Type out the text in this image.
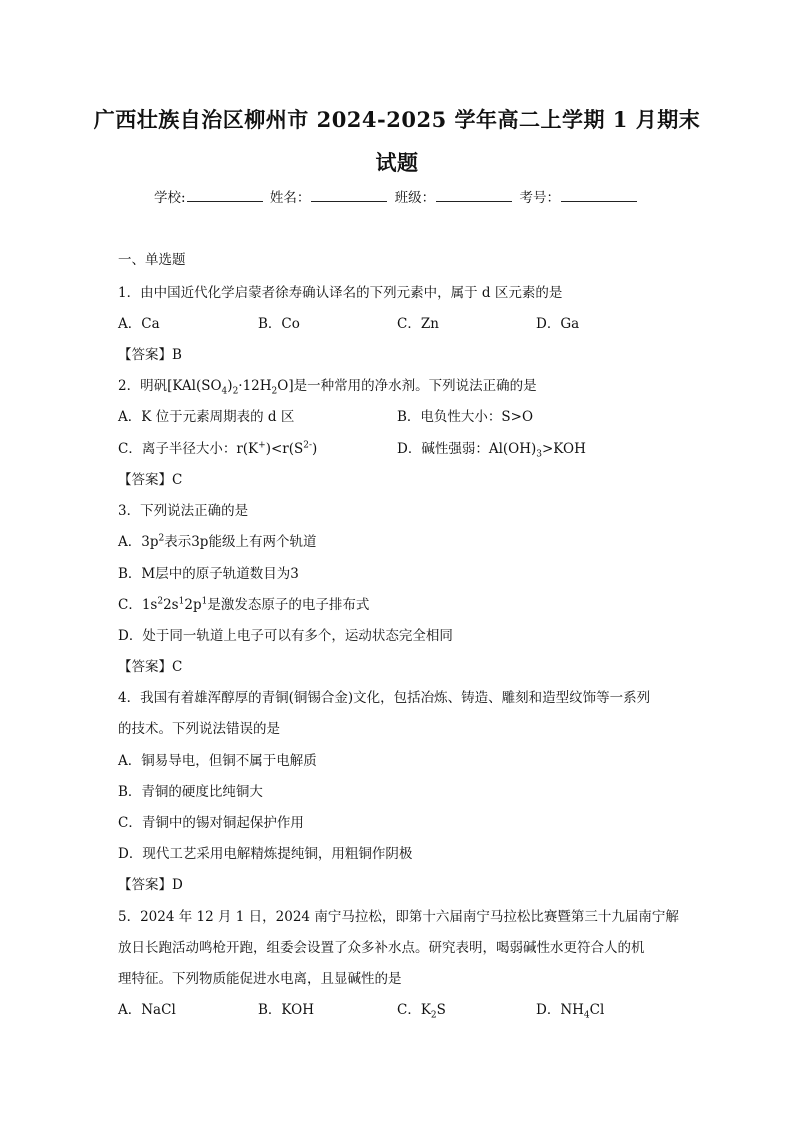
广西壮族自治区柳州市 2024-2025 学年高二上学期 1 月期末
试题
学校:	姓名：	班级：	考号：
一、单选题
1．由中国近代化学启蒙者徐寿确认译名的下列元素中，属于 d 区元素的是
A．Ca	B．Co	C．Zn	D．Ga
【答案】B
2．明矾$[KAl(SO_4)_2\cdot 12H_2O]$是一种常用的净水剂。下列说法正确的是
A．K 位于元素周期表的 d 区	B．电负性大小：S>O
C．离子半径大小：$r(K^+)<r(S^{2-})$	D．碱性强弱：$Al(OH)_3>KOH$
【答案】C
3．下列说法正确的是
A．$3p^2$表示3p能级上有两个轨道
B．M层中的原子轨道数目为3
C．$1s^22s^12p^1$是激发态原子的电子排布式
D．处于同一轨道上电子可以有多个，运动状态完全相同
【答案】C
4．我国有着雄浑醇厚的青铜(铜锡合金)文化，包括冶炼、铸造、雕刻和造型纹饰等一系列
的技术。下列说法错误的是
A．铜易导电，但铜不属于电解质
B．青铜的硬度比纯铜大
C．青铜中的锡对铜起保护作用
D．现代工艺采用电解精炼提纯铜，用粗铜作阴极
【答案】D
5．2024 年 12 月 1 日，2024 南宁马拉松，即第十六届南宁马拉松比赛暨第三十九届南宁解
放日长跑活动鸣枪开跑，组委会设置了众多补水点。研究表明，喝弱碱性水更符合人的机
理特征。下列物质能促进水电离，且显碱性的是
A．NaCl	B．KOH	C．$K_2S$	D．$NH_4Cl$
